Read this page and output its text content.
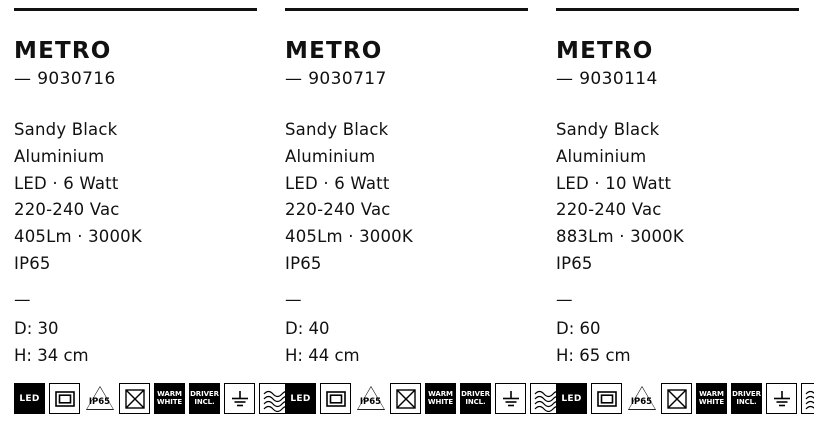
METRO
— 9030716
Sandy Black
Aluminium
LED · 6 Watt
220-240 Vac
405Lm · 3000K
IP65
—
D: 30
H: 34 cm
LED	IP65
WARM
WHITE
DRIVER
INCL.
METRO
— 9030717
Sandy Black
Aluminium
LED · 6 Watt
220-240 Vac
405Lm · 3000K
IP65
—
D: 40
H: 44 cm
LED	IP65
WARM
WHITE
DRIVER
INCL.
METRO
— 9030114
Sandy Black
Aluminium
LED · 10 Watt
220-240 Vac
883Lm · 3000K
IP65
—
D: 60
H: 65 cm
LED	IP65
WARM
WHITE
DRIVER
INCL.
